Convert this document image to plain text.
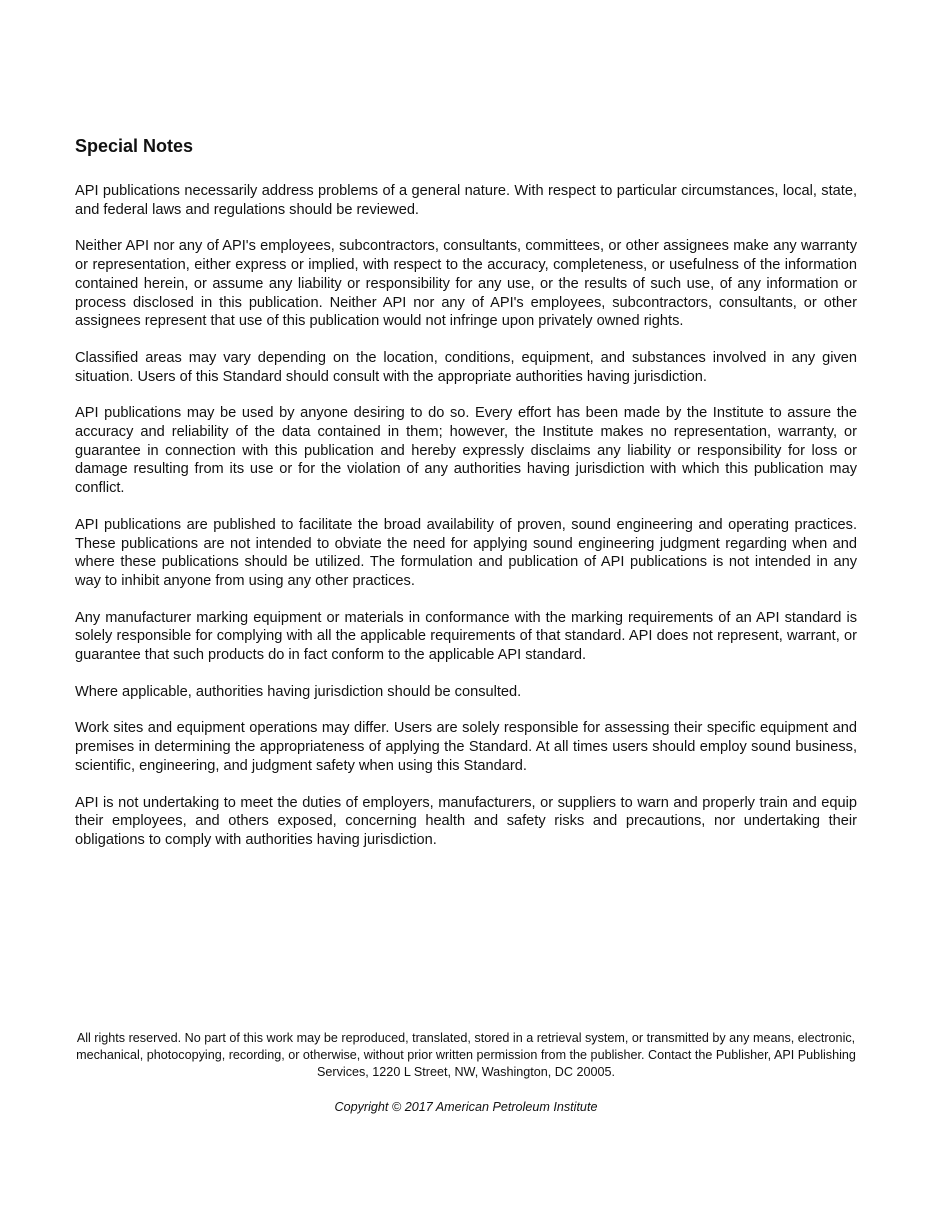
Special Notes

API publications necessarily address problems of a general nature. With respect to particular circumstances, local, state, and federal laws and regulations should be reviewed.

Neither API nor any of API's employees, subcontractors, consultants, committees, or other assignees make any warranty or representation, either express or implied, with respect to the accuracy, completeness, or usefulness of the information contained herein, or assume any liability or responsibility for any use, or the results of such use, of any information or process disclosed in this publication. Neither API nor any of API's employees, subcontractors, consultants, or other assignees represent that use of this publication would not infringe upon privately owned rights.

Classified areas may vary depending on the location, conditions, equipment, and substances involved in any given situation. Users of this Standard should consult with the appropriate authorities having jurisdiction.

API publications may be used by anyone desiring to do so. Every effort has been made by the Institute to assure the accuracy and reliability of the data contained in them; however, the Institute makes no representation, warranty, or guarantee in connection with this publication and hereby expressly disclaims any liability or responsibility for loss or damage resulting from its use or for the violation of any authorities having jurisdiction with which this publication may conflict.

API publications are published to facilitate the broad availability of proven, sound engineering and operating practices. These publications are not intended to obviate the need for applying sound engineering judgment regarding when and where these publications should be utilized. The formulation and publication of API publications is not intended in any way to inhibit anyone from using any other practices.

Any manufacturer marking equipment or materials in conformance with the marking requirements of an API standard is solely responsible for complying with all the applicable requirements of that standard. API does not represent, warrant, or guarantee that such products do in fact conform to the applicable API standard.

Where applicable, authorities having jurisdiction should be consulted.

Work sites and equipment operations may differ. Users are solely responsible for assessing their specific equipment and premises in determining the appropriateness of applying the Standard. At all times users should employ sound business, scientific, engineering, and judgment safety when using this Standard.

API is not undertaking to meet the duties of employers, manufacturers, or suppliers to warn and properly train and equip their employees, and others exposed, concerning health and safety risks and precautions, nor undertaking their obligations to comply with authorities having jurisdiction.

All rights reserved. No part of this work may be reproduced, translated, stored in a retrieval system, or transmitted by any means, electronic, mechanical, photocopying, recording, or otherwise, without prior written permission from the publisher. Contact the Publisher, API Publishing Services, 1220 L Street, NW, Washington, DC 20005.

Copyright © 2017 American Petroleum Institute
